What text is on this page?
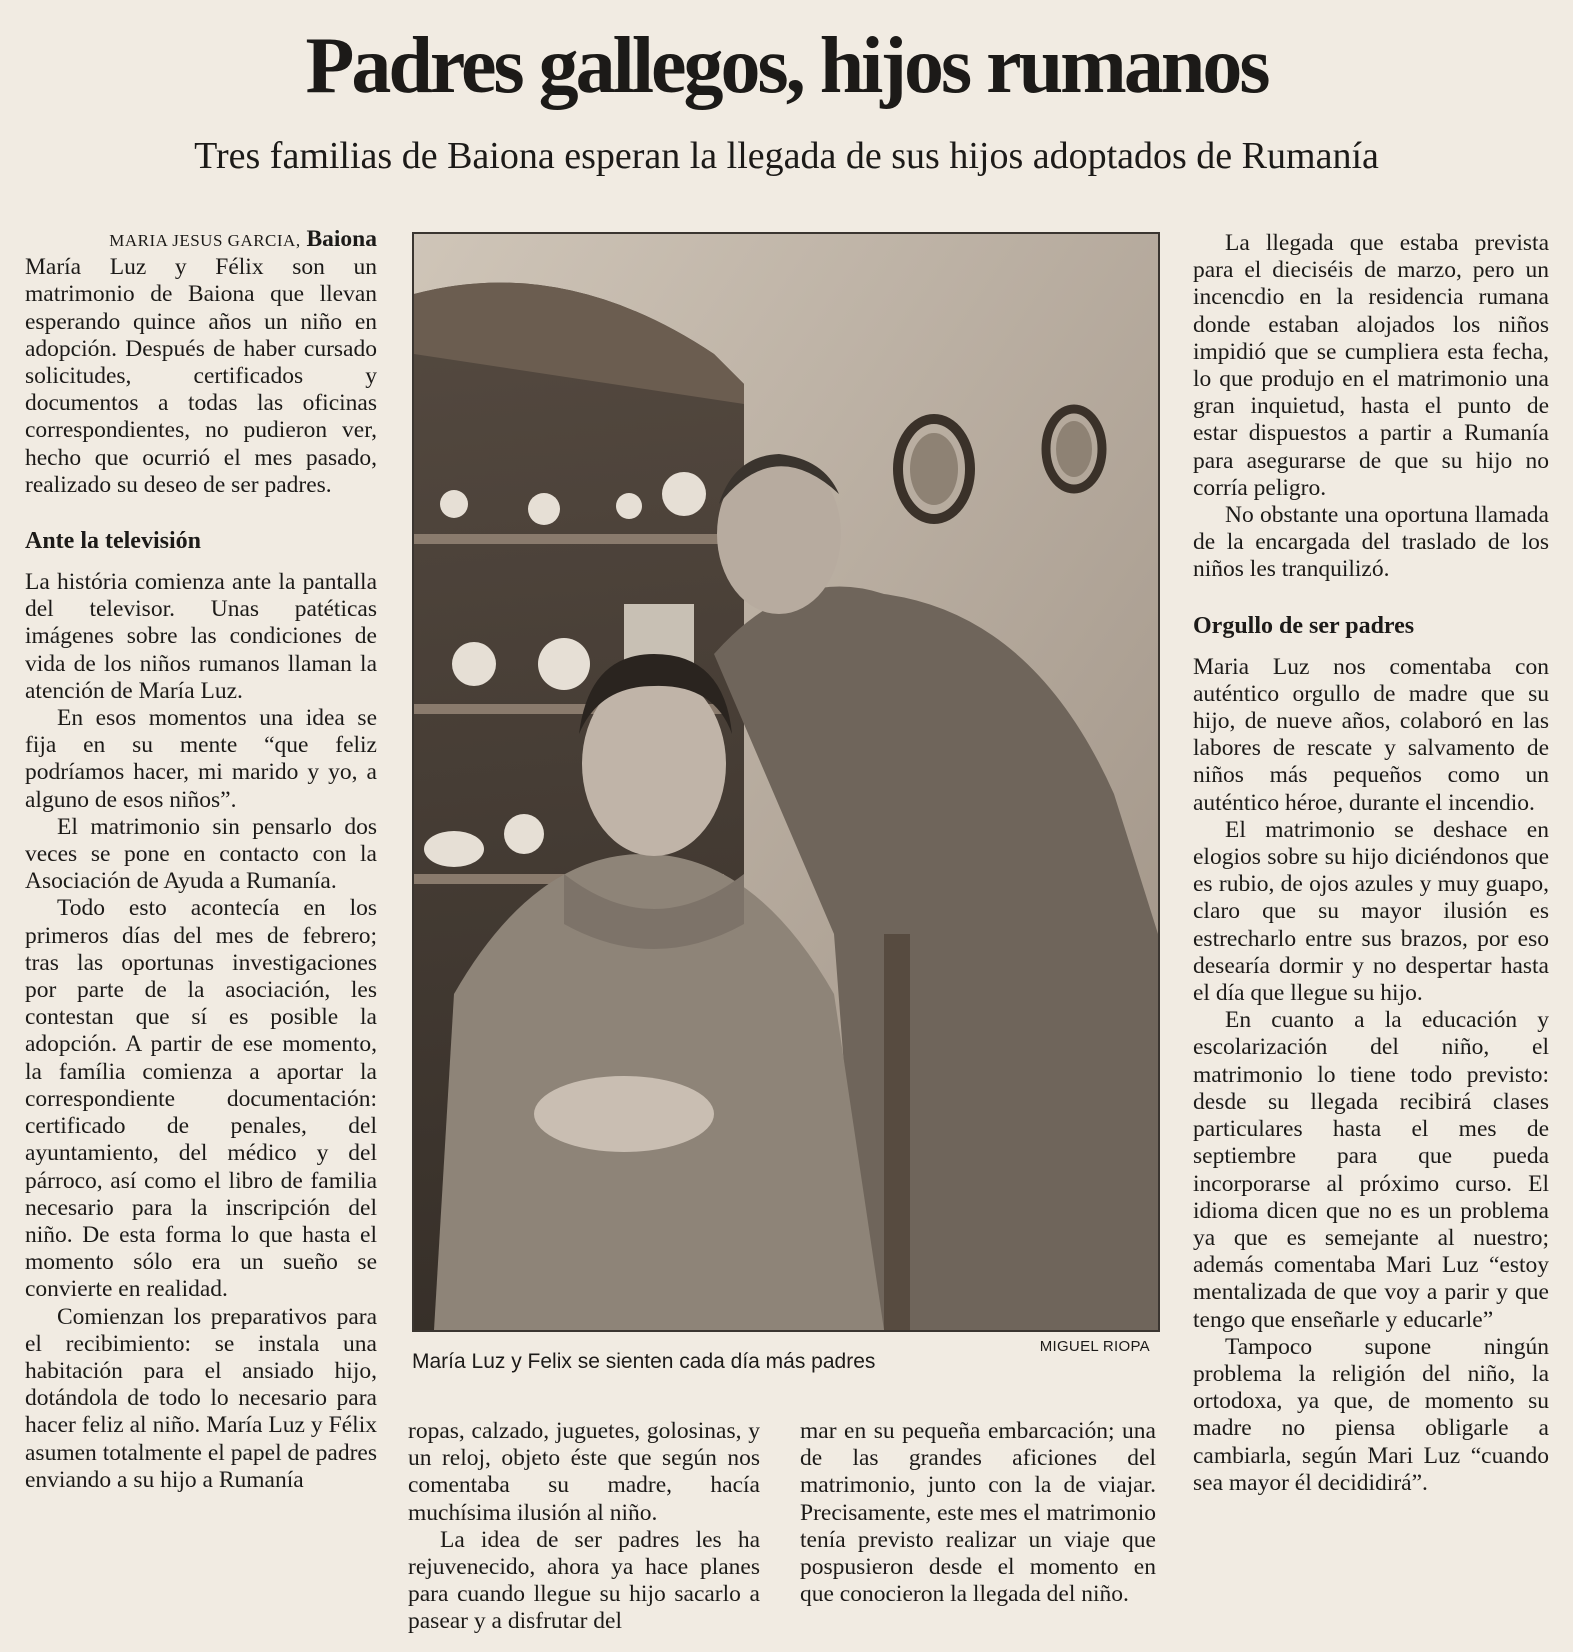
Padres gallegos, hijos rumanos
Tres familias de Baiona esperan la llegada de sus hijos adoptados de Rumanía

MARIA JESUS GARCIA, Baiona

María Luz y Félix son un matrimonio de Baiona que llevan esperando quince años un niño en adopción. Después de haber cursado solicitudes, certificados y documentos a todas las oficinas correspondientes, no pudieron ver, hecho que ocurrió el mes pasado, realizado su deseo de ser padres.

Ante la televisión

La história comienza ante la pantalla del televisor. Unas patéticas imágenes sobre las condiciones de vida de los niños rumanos llaman la atención de María Luz.

En esos momentos una idea se fija en su mente “que feliz podríamos hacer, mi marido y yo, a alguno de esos niños”.

El matrimonio sin pensarlo dos veces se pone en contacto con la Asociación de Ayuda a Rumanía.

Todo esto acontecía en los primeros días del mes de febrero; tras las oportunas investigaciones por parte de la asociación, les contestan que sí es posible la adopción. A partir de ese momento, la família comienza a aportar la correspondiente documentación: certificado de penales, del ayuntamiento, del médico y del párroco, así como el libro de familia necesario para la inscripción del niño. De esta forma lo que hasta el momento sólo era un sueño se convierte en realidad.

Comienzan los preparativos para el recibimiento: se instala una habitación para el ansiado hijo, dotándola de todo lo necesario para hacer feliz al niño. María Luz y Félix asumen totalmente el papel de padres enviando a su hijo a Rumanía

MIGUEL RIOPA
María Luz y Felix se sienten cada día más padres

ropas, calzado, juguetes, golosinas, y un reloj, objeto éste que según nos comentaba su madre, hacía muchísima ilusión al niño.

La idea de ser padres les ha rejuvenecido, ahora ya hace planes para cuando llegue su hijo sacarlo a pasear y a disfrutar del

mar en su pequeña embarcación; una de las grandes aficiones del matrimonio, junto con la de viajar. Precisamente, este mes el matrimonio tenía previsto realizar un viaje que pospusieron desde el momento en que conocieron la llegada del niño.

La llegada que estaba prevista para el dieciséis de marzo, pero un incencdio en la residencia rumana donde estaban alojados los niños impidió que se cumpliera esta fecha, lo que produjo en el matrimonio una gran inquietud, hasta el punto de estar dispuestos a partir a Rumanía para asegurarse de que su hijo no corría peligro.

No obstante una oportuna llamada de la encargada del traslado de los niños les tranquilizó.

Orgullo de ser padres

Maria Luz nos comentaba con auténtico orgullo de madre que su hijo, de nueve años, colaboró en las labores de rescate y salvamento de niños más pequeños como un auténtico héroe, durante el incendio.

El matrimonio se deshace en elogios sobre su hijo diciéndonos que es rubio, de ojos azules y muy guapo, claro que su mayor ilusión es estrecharlo entre sus brazos, por eso desearía dormir y no despertar hasta el día que llegue su hijo.

En cuanto a la educación y escolarización del niño, el matrimonio lo tiene todo previsto: desde su llegada recibirá clases particulares hasta el mes de septiembre para que pueda incorporarse al próximo curso. El idioma dicen que no es un problema ya que es semejante al nuestro; además comentaba Mari Luz “estoy mentalizada de que voy a parir y que tengo que enseñarle y educarle”

Tampoco supone ningún problema la religión del niño, la ortodoxa, ya que, de momento su madre no piensa obligarle a cambiarla, según Mari Luz “cuando sea mayor él decididirá”.
